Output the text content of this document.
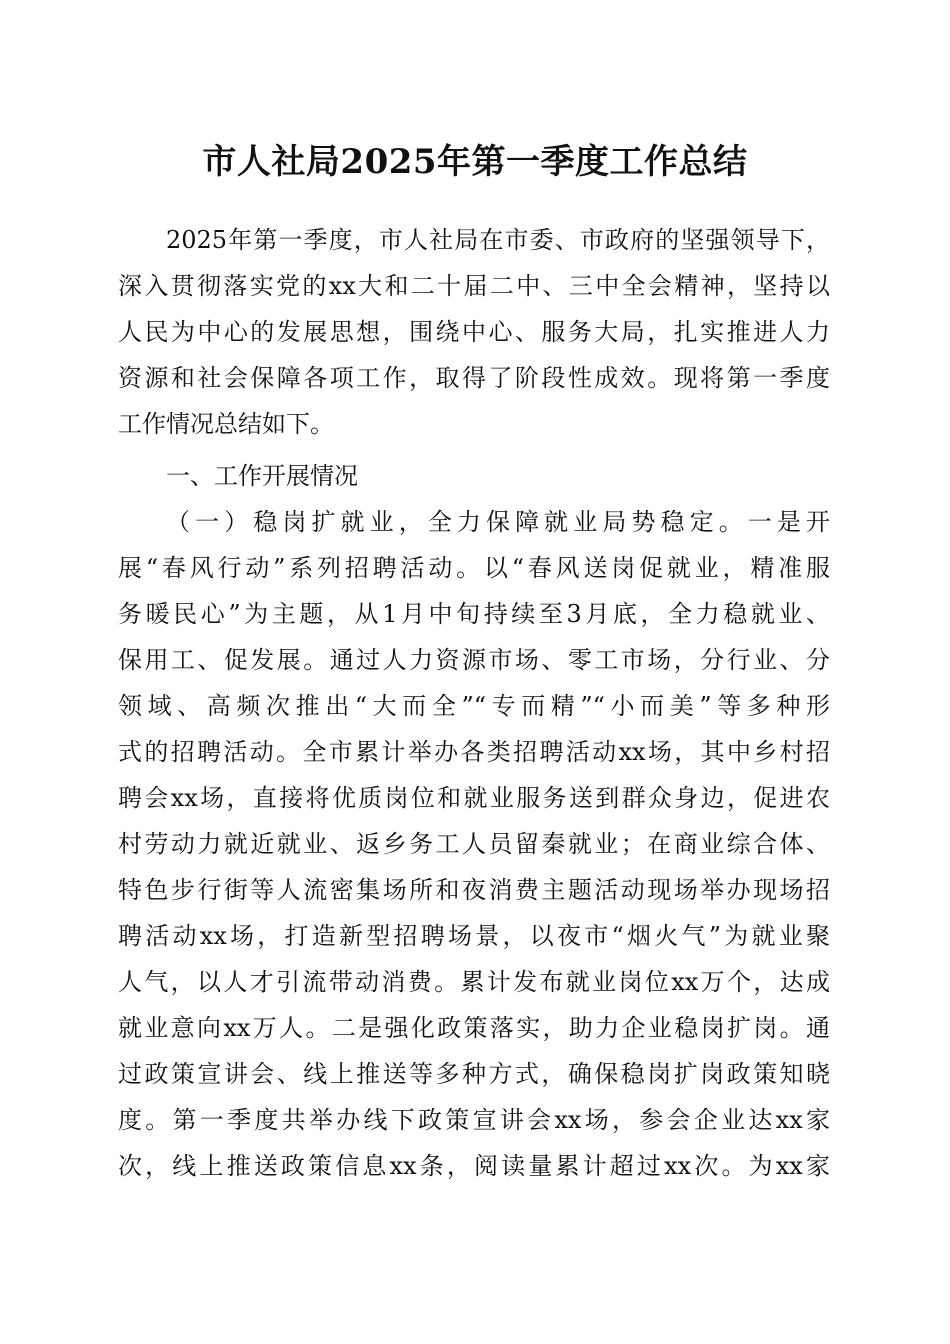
市人社局2025年第一季度工作总结

2025年第一季度，市人社局在市委、市政府的坚强领导下，

深入贯彻落实党的xx大和二十届二中、三中全会精神，坚持以

人民为中心的发展思想，围绕中心、服务大局，扎实推进人力

资源和社会保障各项工作，取得了阶段性成效。现将第一季度

工作情况总结如下。

一、工作开展情况

（一）稳岗扩就业，全力保障就业局势稳定。一是开

展“春风行动”系列招聘活动。以“春风送岗促就业，精准服

务暖民心”为主题，从1月中旬持续至3月底，全力稳就业、

保用工、促发展。通过人力资源市场、零工市场，分行业、分

领域、高频次推出“大而全”“专而精”“小而美”等多种形

式的招聘活动。全市累计举办各类招聘活动xx场，其中乡村招

聘会xx场，直接将优质岗位和就业服务送到群众身边，促进农

村劳动力就近就业、返乡务工人员留秦就业；在商业综合体、

特色步行街等人流密集场所和夜消费主题活动现场举办现场招

聘活动xx场，打造新型招聘场景，以夜市“烟火气”为就业聚

人气，以人才引流带动消费。累计发布就业岗位xx万个，达成

就业意向xx万人。二是强化政策落实，助力企业稳岗扩岗。通

过政策宣讲会、线上推送等多种方式，确保稳岗扩岗政策知晓

度。第一季度共举办线下政策宣讲会xx场，参会企业达xx家

次，线上推送政策信息xx条，阅读量累计超过xx次。为xx家
